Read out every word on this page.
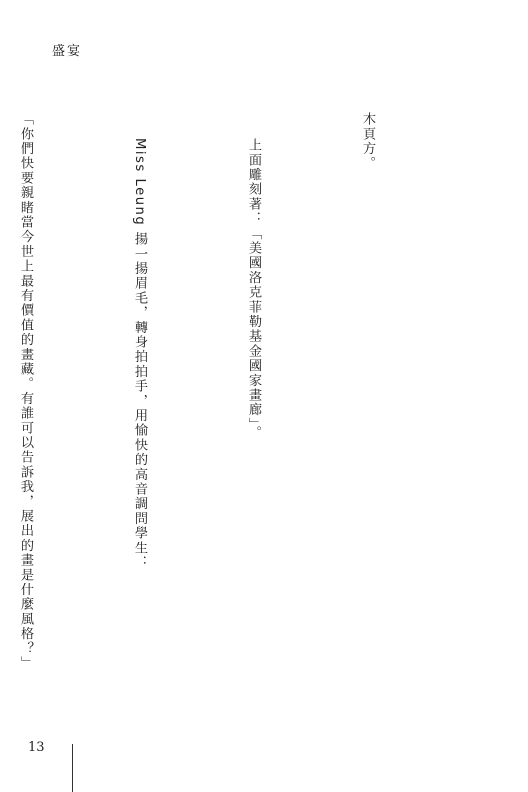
盛宴

木頁方。

上面雕刻著：「美國洛克菲勒基金國家畫廊」。

Miss Leung 揚一揚眉毛，轉身拍拍手，用愉快的高音調問學生：

「你們快要親睹當今世上最有價值的畫藏。有誰可以告訴我，展出的畫是什麼風格？」

13
